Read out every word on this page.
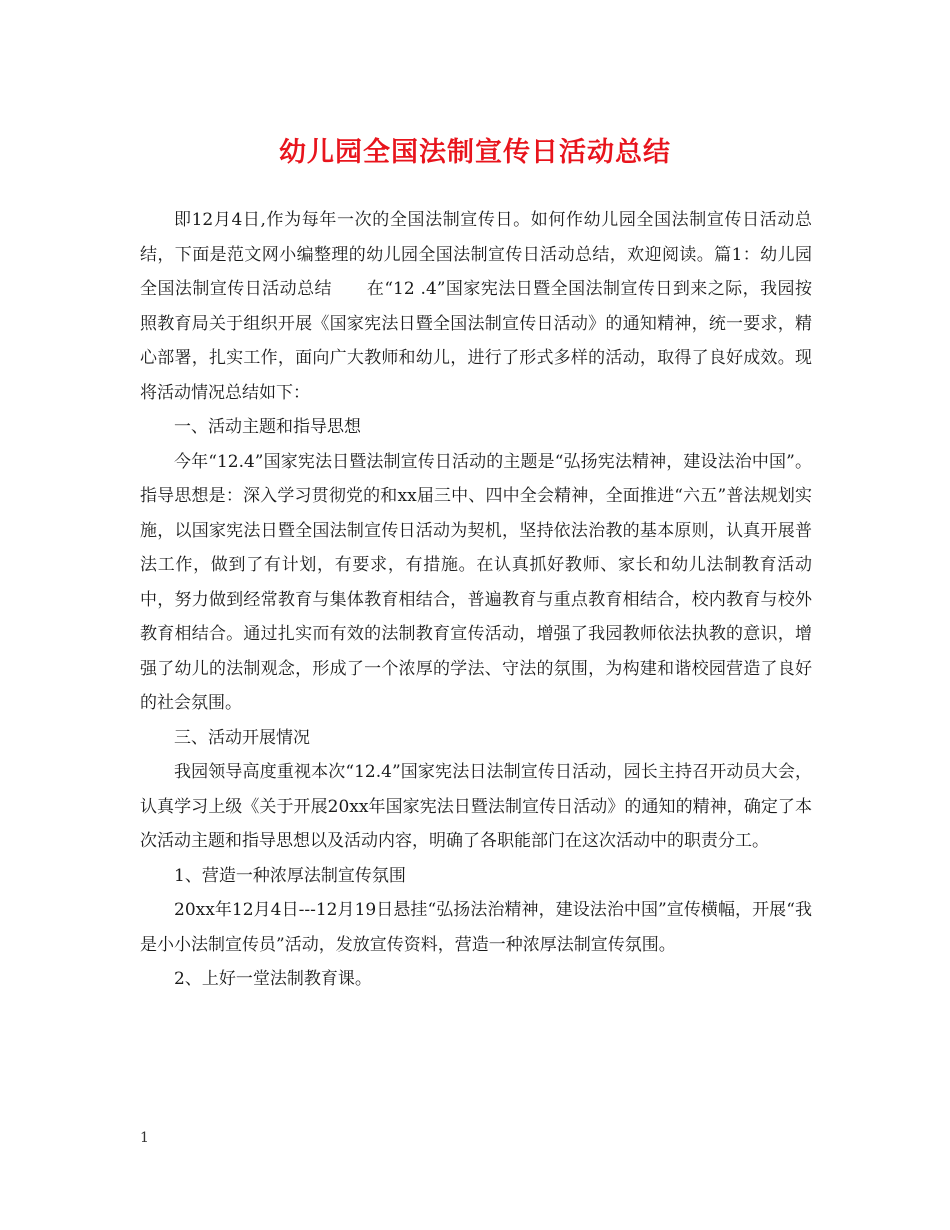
幼儿园全国法制宣传日活动总结

即12月4日,作为每年一次的全国法制宣传日。如何作幼儿园全国法制宣传日活动总结，下面是范文网小编整理的幼儿园全国法制宣传日活动总结，欢迎阅读。篇1：幼儿园全国法制宣传日活动总结　　在“12 .4”国家宪法日暨全国法制宣传日到来之际，我园按照教育局关于组织开展《国家宪法日暨全国法制宣传日活动》的通知精神，统一要求，精心部署，扎实工作，面向广大教师和幼儿，进行了形式多样的活动，取得了良好成效。现将活动情况总结如下：

一、活动主题和指导思想

今年“12.4”国家宪法日暨法制宣传日活动的主题是“弘扬宪法精神，建设法治中国”。指导思想是：深入学习贯彻党的和xx届三中、四中全会精神，全面推进“六五”普法规划实施，以国家宪法日暨全国法制宣传日活动为契机，坚持依法治教的基本原则，认真开展普法工作，做到了有计划，有要求，有措施。在认真抓好教师、家长和幼儿法制教育活动中，努力做到经常教育与集体教育相结合，普遍教育与重点教育相结合，校内教育与校外教育相结合。通过扎实而有效的法制教育宣传活动，增强了我园教师依法执教的意识，增强了幼儿的法制观念，形成了一个浓厚的学法、守法的氛围，为构建和谐校园营造了良好的社会氛围。

三、活动开展情况

我园领导高度重视本次“12.4”国家宪法日法制宣传日活动，园长主持召开动员大会，认真学习上级《关于开展20xx年国家宪法日暨法制宣传日活动》的通知的精神，确定了本次活动主题和指导思想以及活动内容，明确了各职能部门在这次活动中的职责分工。

1、营造一种浓厚法制宣传氛围

20xx年12月4日---12月19日悬挂“弘扬法治精神，建设法治中国”宣传横幅，开展“我是小小法制宣传员”活动，发放宣传资料，营造一种浓厚法制宣传氛围。

2、上好一堂法制教育课。

1
